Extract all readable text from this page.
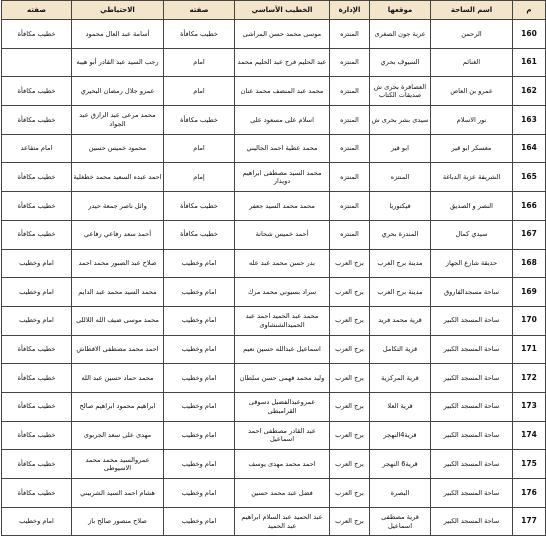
م	اسم الساحة	موقعها	الإدارة	الخطيب الأساسي	صفته	الاحتياطي	صفته
160	الرحمن	عزبة جون الصغرى	المنتزه	موسى محمد حسن المراشى	خطيب مكافأة	أسامة عبد العال محمود	خطيب مكافأة
161	الغنائم	السيوف بحري	المنتزه	عبد الحليم فرج عبد الحليم محمد	امام	رجب السيد عبد القادر أبو هيبه	
162	عمرو بن العاص	العصافرة بحرى ش صديقات الكتاب	المنتزه	محمد عبد المنصف محمد عنان	امام	عمرو جلال رمضان البحيري	خطيب مكافأة
163	نور الاسلام	سيدى بشر بحرى ش	المنتزه	اسلام على مسعود على	خطيب مكافأة	محمد مرعى عبد الرازق عبد الجواد	خطيب مكافأة
164	معسكر ابو قير	ابو قير	المنتزه	محمد عطية احمد الجاليني	امام	محمود خميس حسين	امام متقاعد
165	الشريفة عزبة الدباغة	المنتزه	المنتزه	محمد السيد مصطفى ابراهيم دويدار	إمام	احمد عبده السعيد محمد خطغلية	خطيب مكافأة
166	النصر و الصديق	فيكتوريا	المنتزه	محمد محمد السيد جعفر	خطيب مكافأة	وائل ناصر جمعة حيدر	خطيب مكافأة
167	سيدي كمال	المندرة بحري	المنتزه	أحمد خميس شحاتة	خطيب مكافأة	أحمد سعد رفاعي رفاعي	خطيب مكافأة
168	حديقة شارع الجهاز	مدينة برج العرب	برج العرب	بدر حسن محمد عبد عله	امام وخطيب	صلاح عبد الصبور محمد احمد	امام وخطيب
169	ساحة مسجدالفاروق	مدينة برج العرب	برج العرب	سراد بسيوني محمد مرك	امام وخطيب	محمد السيد محمد عبد الدايم	امام وخطيب
170	ساحة المسجد الكبير	قرية محمد فريد	برج العرب	محمد عبد الحميد احمد عبد الحميدالشنشاوى	امام وخطيب	محمد موسى ضيف الله اللاللى	امام وخطيب
171	ساحة المسجد الكبير	قرية التكامل	برج العرب	اسماعيل عبدالله حسين نعيم	امام وخطيب	احمد محمد مصطفى الاقطاش	خطيب مكافأة
172	ساحة المسجد الكبير	قرية المركزية	برج العرب	وليد محمد فهمى حسن سلطان	امام وخطيب	محمد حماد حسين عبد الله	خطيب مكافأة
173	ساحة المسجد الكبير	قرية العلا	برج العرب	عمروعبدالفضيل دسوقى القرامبطى	امام وخطيب	ابراهيم محمود ابراهيم صالح	خطيب مكافأة
174	ساحة المسجد الكبير	قرية4النهجر	برج العرب	عبد القادر مصطفى احمد اسماعيل	امام وخطيب	مهدى على سعد الجربوى	خطيب مكافأة
175	ساحة المسجد الكبير	قرية6 النهجر	برج العرب	احمد محمد مهدى يوسف	امام وخطيب	عمروالسيد محمد محمد الاسيوطى	خطيب مكافأة
176	ساحة المسجد الكبير	البصرة	برج العرب	فضل عبد محمد حسين	امام وخطيب	هشام احمد السيد الشربيني	خطيب مكافأة
177	ساحة المسجد الكبير	قرية مصطفى اسماعيل	برج العرب	عبد الحميد عبد السلام ابراهيم عبد الحميد	امام وخطيب	صلاح منصور صالح باز	امام وخطيب
